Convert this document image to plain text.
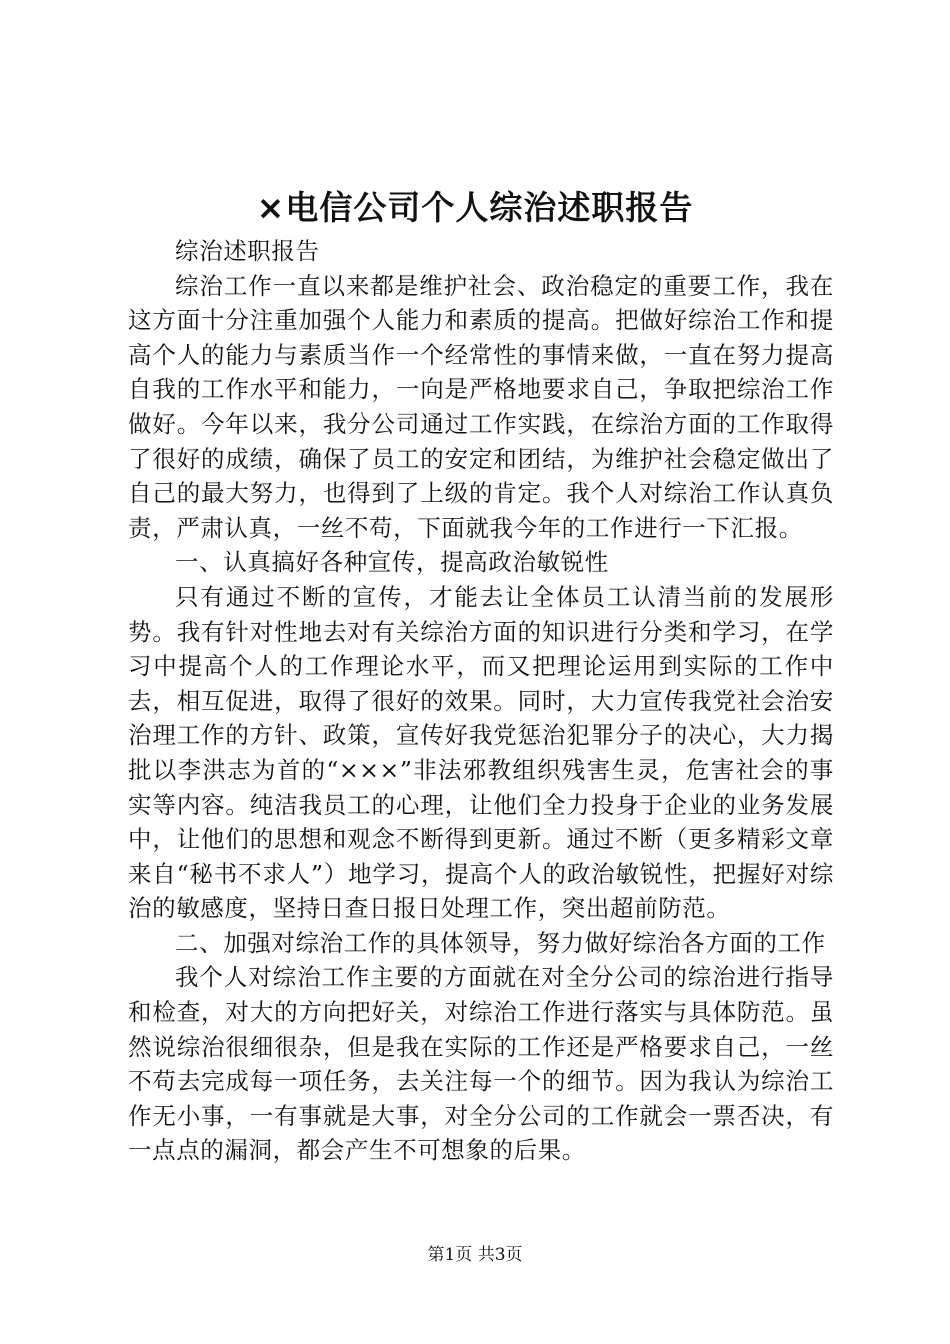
×电信公司个人综治述职报告

综治述职报告

综治工作一直以来都是维护社会、政治稳定的重要工作，我在这方面十分注重加强个人能力和素质的提高。把做好综治工作和提高个人的能力与素质当作一个经常性的事情来做，一直在努力提高自我的工作水平和能力，一向是严格地要求自己，争取把综治工作做好。今年以来，我分公司通过工作实践，在综治方面的工作取得了很好的成绩，确保了员工的安定和团结，为维护社会稳定做出了自己的最大努力，也得到了上级的肯定。我个人对综治工作认真负责，严肃认真，一丝不苟，下面就我今年的工作进行一下汇报。

一、认真搞好各种宣传，提高政治敏锐性

只有通过不断的宣传，才能去让全体员工认清当前的发展形势。我有针对性地去对有关综治方面的知识进行分类和学习，在学习中提高个人的工作理论水平，而又把理论运用到实际的工作中去，相互促进，取得了很好的效果。同时，大力宣传我党社会治安治理工作的方针、政策，宣传好我党惩治犯罪分子的决心，大力揭批以李洪志为首的“×××”非法邪教组织残害生灵，危害社会的事实等内容。纯洁我员工的心理，让他们全力投身于企业的业务发展中，让他们的思想和观念不断得到更新。通过不断（更多精彩文章来自“秘书不求人”）地学习，提高个人的政治敏锐性，把握好对综治的敏感度，坚持日查日报日处理工作，突出超前防范。

二、加强对综治工作的具体领导，努力做好综治各方面的工作

我个人对综治工作主要的方面就在对全分公司的综治进行指导和检查，对大的方向把好关，对综治工作进行落实与具体防范。虽然说综治很细很杂，但是我在实际的工作还是严格要求自己，一丝不苟去完成每一项任务，去关注每一个的细节。因为我认为综治工作无小事，一有事就是大事，对全分公司的工作就会一票否决，有一点点的漏洞，都会产生不可想象的后果。

第1页 共3页
